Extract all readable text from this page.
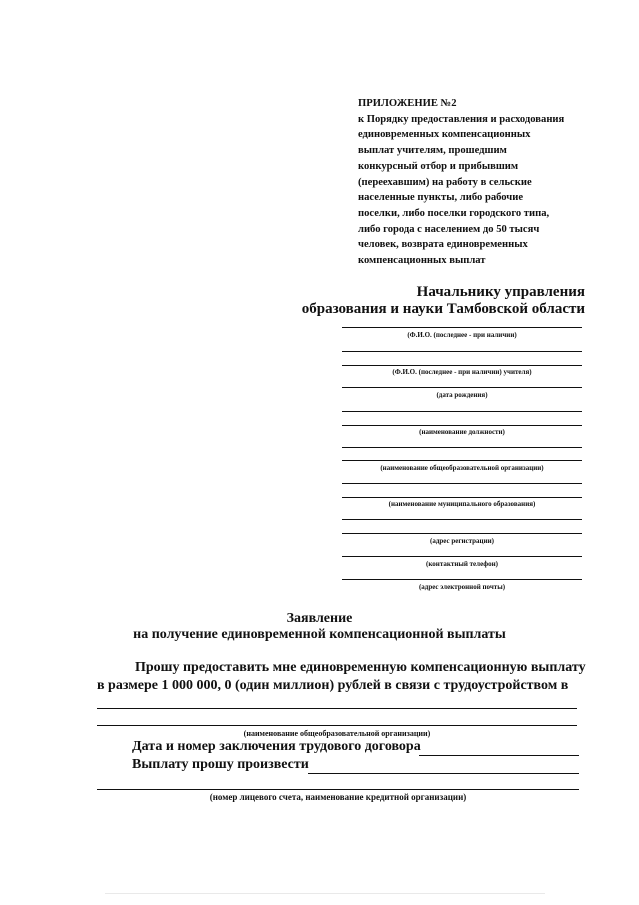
ПРИЛОЖЕНИЕ №2
к Порядку предоставления и расходования
единовременных компенсационных
выплат учителям, прошедшим
конкурсный отбор и прибывшим
(переехавшим) на работу в сельские
населенные пункты, либо рабочие
поселки, либо поселки городского типа,
либо города с населением до 50 тысяч
человек, возврата единовременных
компенсационных выплат
Начальнику управления
образования и науки Тамбовской области
(Ф.И.О. (последнее - при наличии)
(Ф.И.О. (последнее - при наличии) учителя)
(дата рождения)
(наименование должности)
(наименование общеобразовательной организации)
(наименование муниципального образования)
(адрес регистрации)
(контактный телефон)
(адрес электронной почты)
Заявление
на получение единовременной компенсационной выплаты
Прошу предоставить мне единовременную компенсационную выплату
в размере 1 000 000, 0 (один миллион) рублей в связи с трудоустройством в
(наименование общеобразовательной организации)
Дата и номер заключения трудового договора
Выплату прошу произвести
(номер лицевого счета, наименование кредитной организации)
